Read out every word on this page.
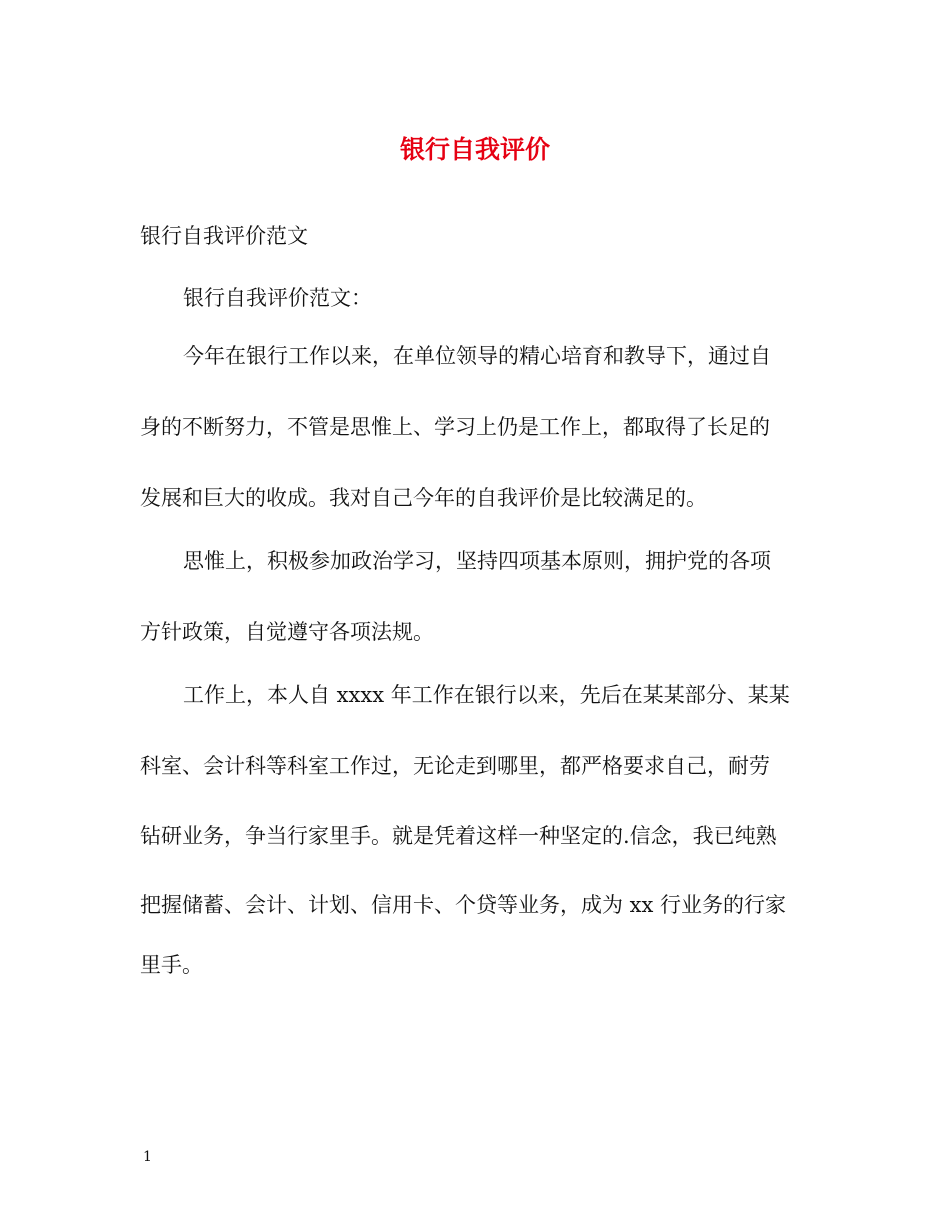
银行自我评价

银行自我评价范文

银行自我评价范文：

今年在银行工作以来，在单位领导的精心培育和教导下，通过自

身的不断努力，不管是思惟上、学习上仍是工作上，都取得了长足的

发展和巨大的收成。我对自己今年的自我评价是比较满足的。

思惟上，积极参加政治学习，坚持四项基本原则，拥护党的各项

方针政策，自觉遵守各项法规。

工作上，本人自 xxxx 年工作在银行以来，先后在某某部分、某某

科室、会计科等科室工作过，无论走到哪里，都严格要求自己，耐劳

钻研业务，争当行家里手。就是凭着这样一种坚定的.信念，我已纯熟

把握储蓄、会计、计划、信用卡、个贷等业务，成为 xx 行业务的行家

里手。

1
